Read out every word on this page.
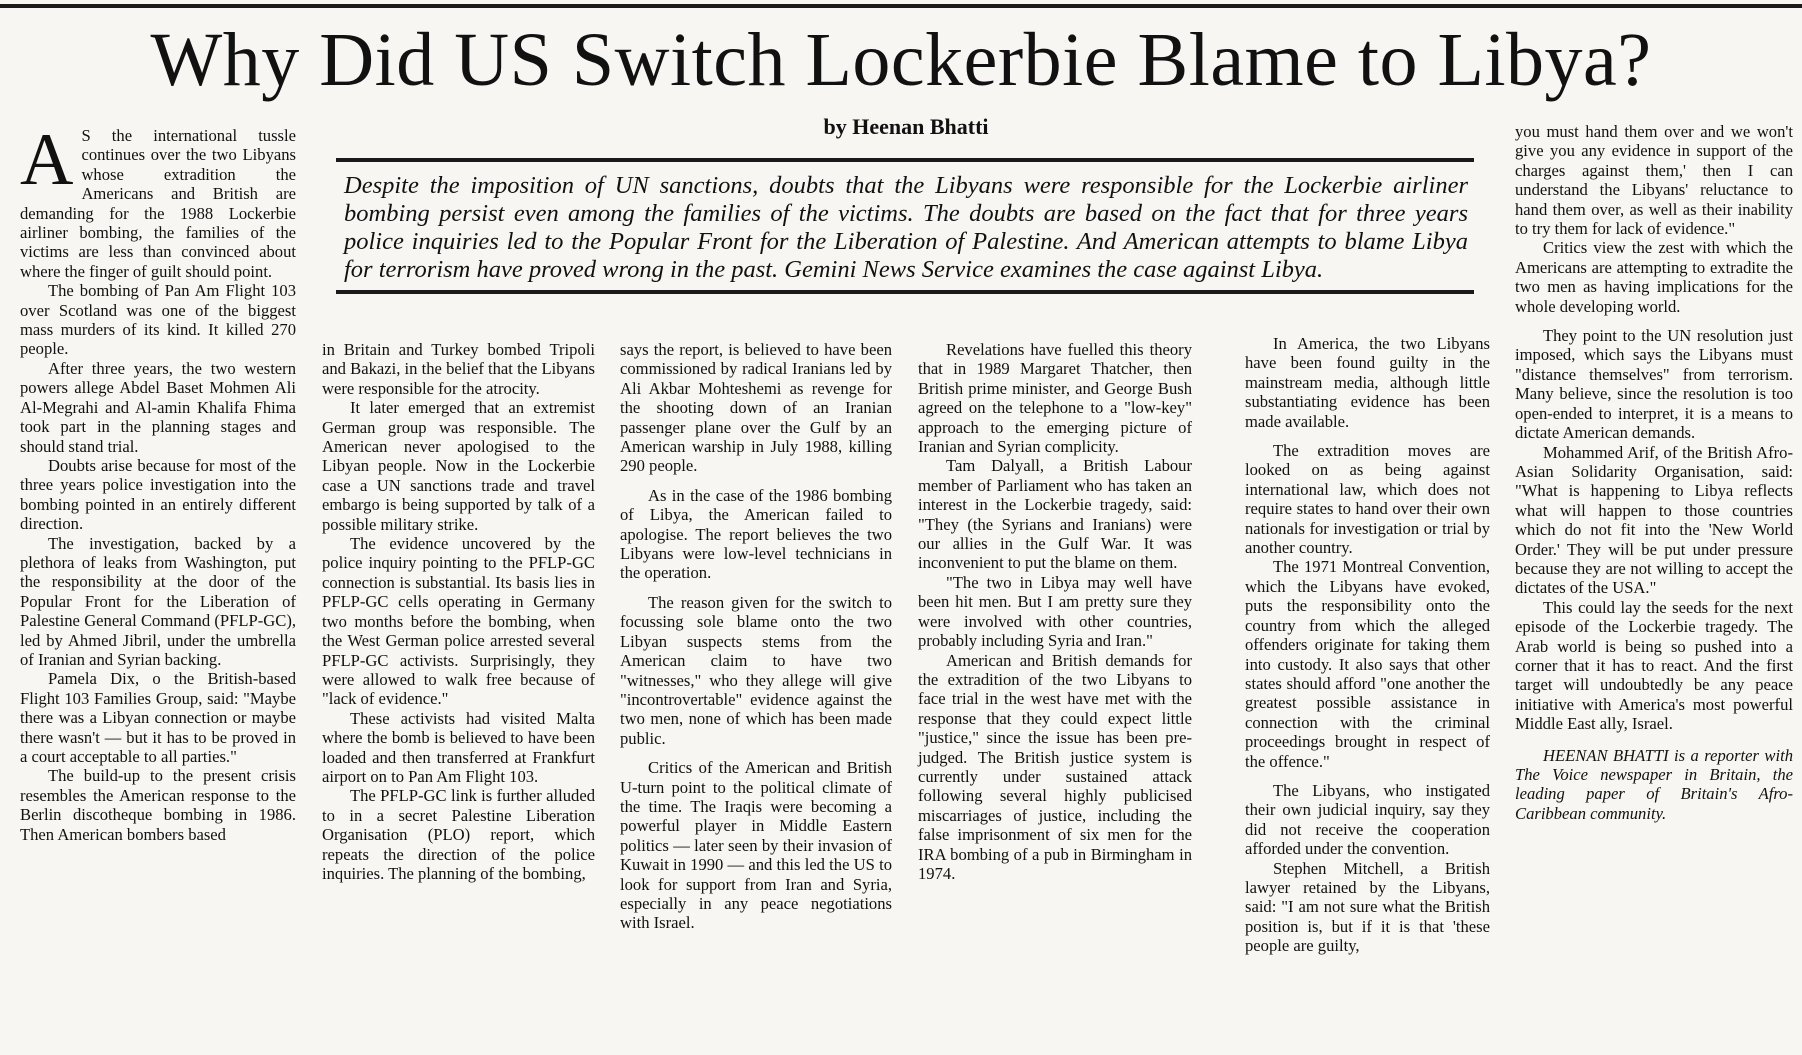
Why Did US Switch Lockerbie Blame to Libya?
by Heenan Bhatti

Despite the imposition of UN sanctions, doubts that the Libyans were responsible for the Lockerbie airliner bombing persist even among the families of the victims. The doubts are based on the fact that for three years police inquiries led to the Popular Front for the Liberation of Palestine. And American attempts to blame Libya for terrorism have proved wrong in the past. Gemini News Service examines the case against Libya.

A S the international tussle continues over the two Libyans whose extradition the Americans and British are demanding for the 1988 Lockerbie airliner bombing, the families of the victims are less than convinced about where the finger of guilt should point.

The bombing of Pan Am Flight 103 over Scotland was one of the biggest mass murders of its kind. It killed 270 people.

After three years, the two western powers allege Abdel Baset Mohmen Ali Al-Megrahi and Al-amin Khalifa Fhima took part in the planning stages and should stand trial.

Doubts arise because for most of the three years police investigation into the bombing pointed in an entirely different direction.

The investigation, backed by a plethora of leaks from Washington, put the responsibility at the door of the Popular Front for the Liberation of Palestine General Command (PFLP-GC), led by Ahmed Jibril, under the umbrella of Iranian and Syrian backing.

Pamela Dix, o the British-based Flight 103 Families Group, said: "Maybe there was a Libyan connection or maybe there wasn't — but it has to be proved in a court acceptable to all parties."

The build-up to the present crisis resembles the American response to the Berlin discotheque bombing in 1986. Then American bombers based

in Britain and Turkey bombed Tripoli and Bakazi, in the belief that the Libyans were responsible for the atrocity.

It later emerged that an extremist German group was responsible. The American never apologised to the Libyan people. Now in the Lockerbie case a UN sanctions trade and travel embargo is being supported by talk of a possible military strike.

The evidence uncovered by the police inquiry pointing to the PFLP-GC connection is substantial. Its basis lies in PFLP-GC cells operating in Germany two months before the bombing, when the West German police arrested several PFLP-GC activists. Surprisingly, they were allowed to walk free because of "lack of evidence."

These activists had visited Malta where the bomb is believed to have been loaded and then transferred at Frankfurt airport on to Pan Am Flight 103.

The PFLP-GC link is further alluded to in a secret Palestine Liberation Organisation (PLO) report, which repeats the direction of the police inquiries. The planning of the bombing,

says the report, is believed to have been commissioned by radical Iranians led by Ali Akbar Mohteshemi as revenge for the shooting down of an Iranian passenger plane over the Gulf by an American warship in July 1988, killing 290 people.

As in the case of the 1986 bombing of Libya, the American failed to apologise. The report believes the two Libyans were low-level technicians in the operation.

The reason given for the switch to focussing sole blame onto the two Libyan suspects stems from the American claim to have two "witnesses," who they allege will give "incontrovertable" evidence against the two men, none of which has been made public.

Critics of the American and British U-turn point to the political climate of the time. The Iraqis were becoming a powerful player in Middle Eastern politics — later seen by their invasion of Kuwait in 1990 — and this led the US to look for support from Iran and Syria, especially in any peace negotiations with Israel.

Revelations have fuelled this theory that in 1989 Margaret Thatcher, then British prime minister, and George Bush agreed on the telephone to a "low-key" approach to the emerging picture of Iranian and Syrian complicity.

Tam Dalyall, a British Labour member of Parliament who has taken an interest in the Lockerbie tragedy, said: "They (the Syrians and Iranians) were our allies in the Gulf War. It was inconvenient to put the blame on them.

"The two in Libya may well have been hit men. But I am pretty sure they were involved with other countries, probably including Syria and Iran."

American and British demands for the extradition of the two Libyans to face trial in the west have met with the response that they could expect little "justice," since the issue has been pre-judged. The British justice system is currently under sustained attack following several highly publicised miscarriages of justice, including the false imprisonment of six men for the IRA bombing of a pub in Birmingham in 1974.

In America, the two Libyans have been found guilty in the mainstream media, although little substantiating evidence has been made available.

The extradition moves are looked on as being against international law, which does not require states to hand over their own nationals for investigation or trial by another country.

The 1971 Montreal Convention, which the Libyans have evoked, puts the responsibility onto the country from which the alleged offenders originate for taking them into custody. It also says that other states should afford "one another the greatest possible assistance in connection with the criminal proceedings brought in respect of the offence."

The Libyans, who instigated their own judicial inquiry, say they did not receive the cooperation afforded under the convention.

Stephen Mitchell, a British lawyer retained by the Libyans, said: "I am not sure what the British position is, but if it is that 'these people are guilty,

you must hand them over and we won't give you any evidence in support of the charges against them,' then I can understand the Libyans' reluctance to hand them over, as well as their inability to try them for lack of evidence."

Critics view the zest with which the Americans are attempting to extradite the two men as having implications for the whole developing world.

They point to the UN resolution just imposed, which says the Libyans must "distance themselves" from terrorism. Many believe, since the resolution is too open-ended to interpret, it is a means to dictate American demands.

Mohammed Arif, of the British Afro-Asian Solidarity Organisation, said: "What is happening to Libya reflects what will happen to those countries which do not fit into the 'New World Order.' They will be put under pressure because they are not willing to accept the dictates of the USA."

This could lay the seeds for the next episode of the Lockerbie tragedy. The Arab world is being so pushed into a corner that it has to react. And the first target will undoubtedly be any peace initiative with America's most powerful Middle East ally, Israel.

HEENAN BHATTI is a reporter with The Voice newspaper in Britain, the leading paper of Britain's Afro-Caribbean community.
